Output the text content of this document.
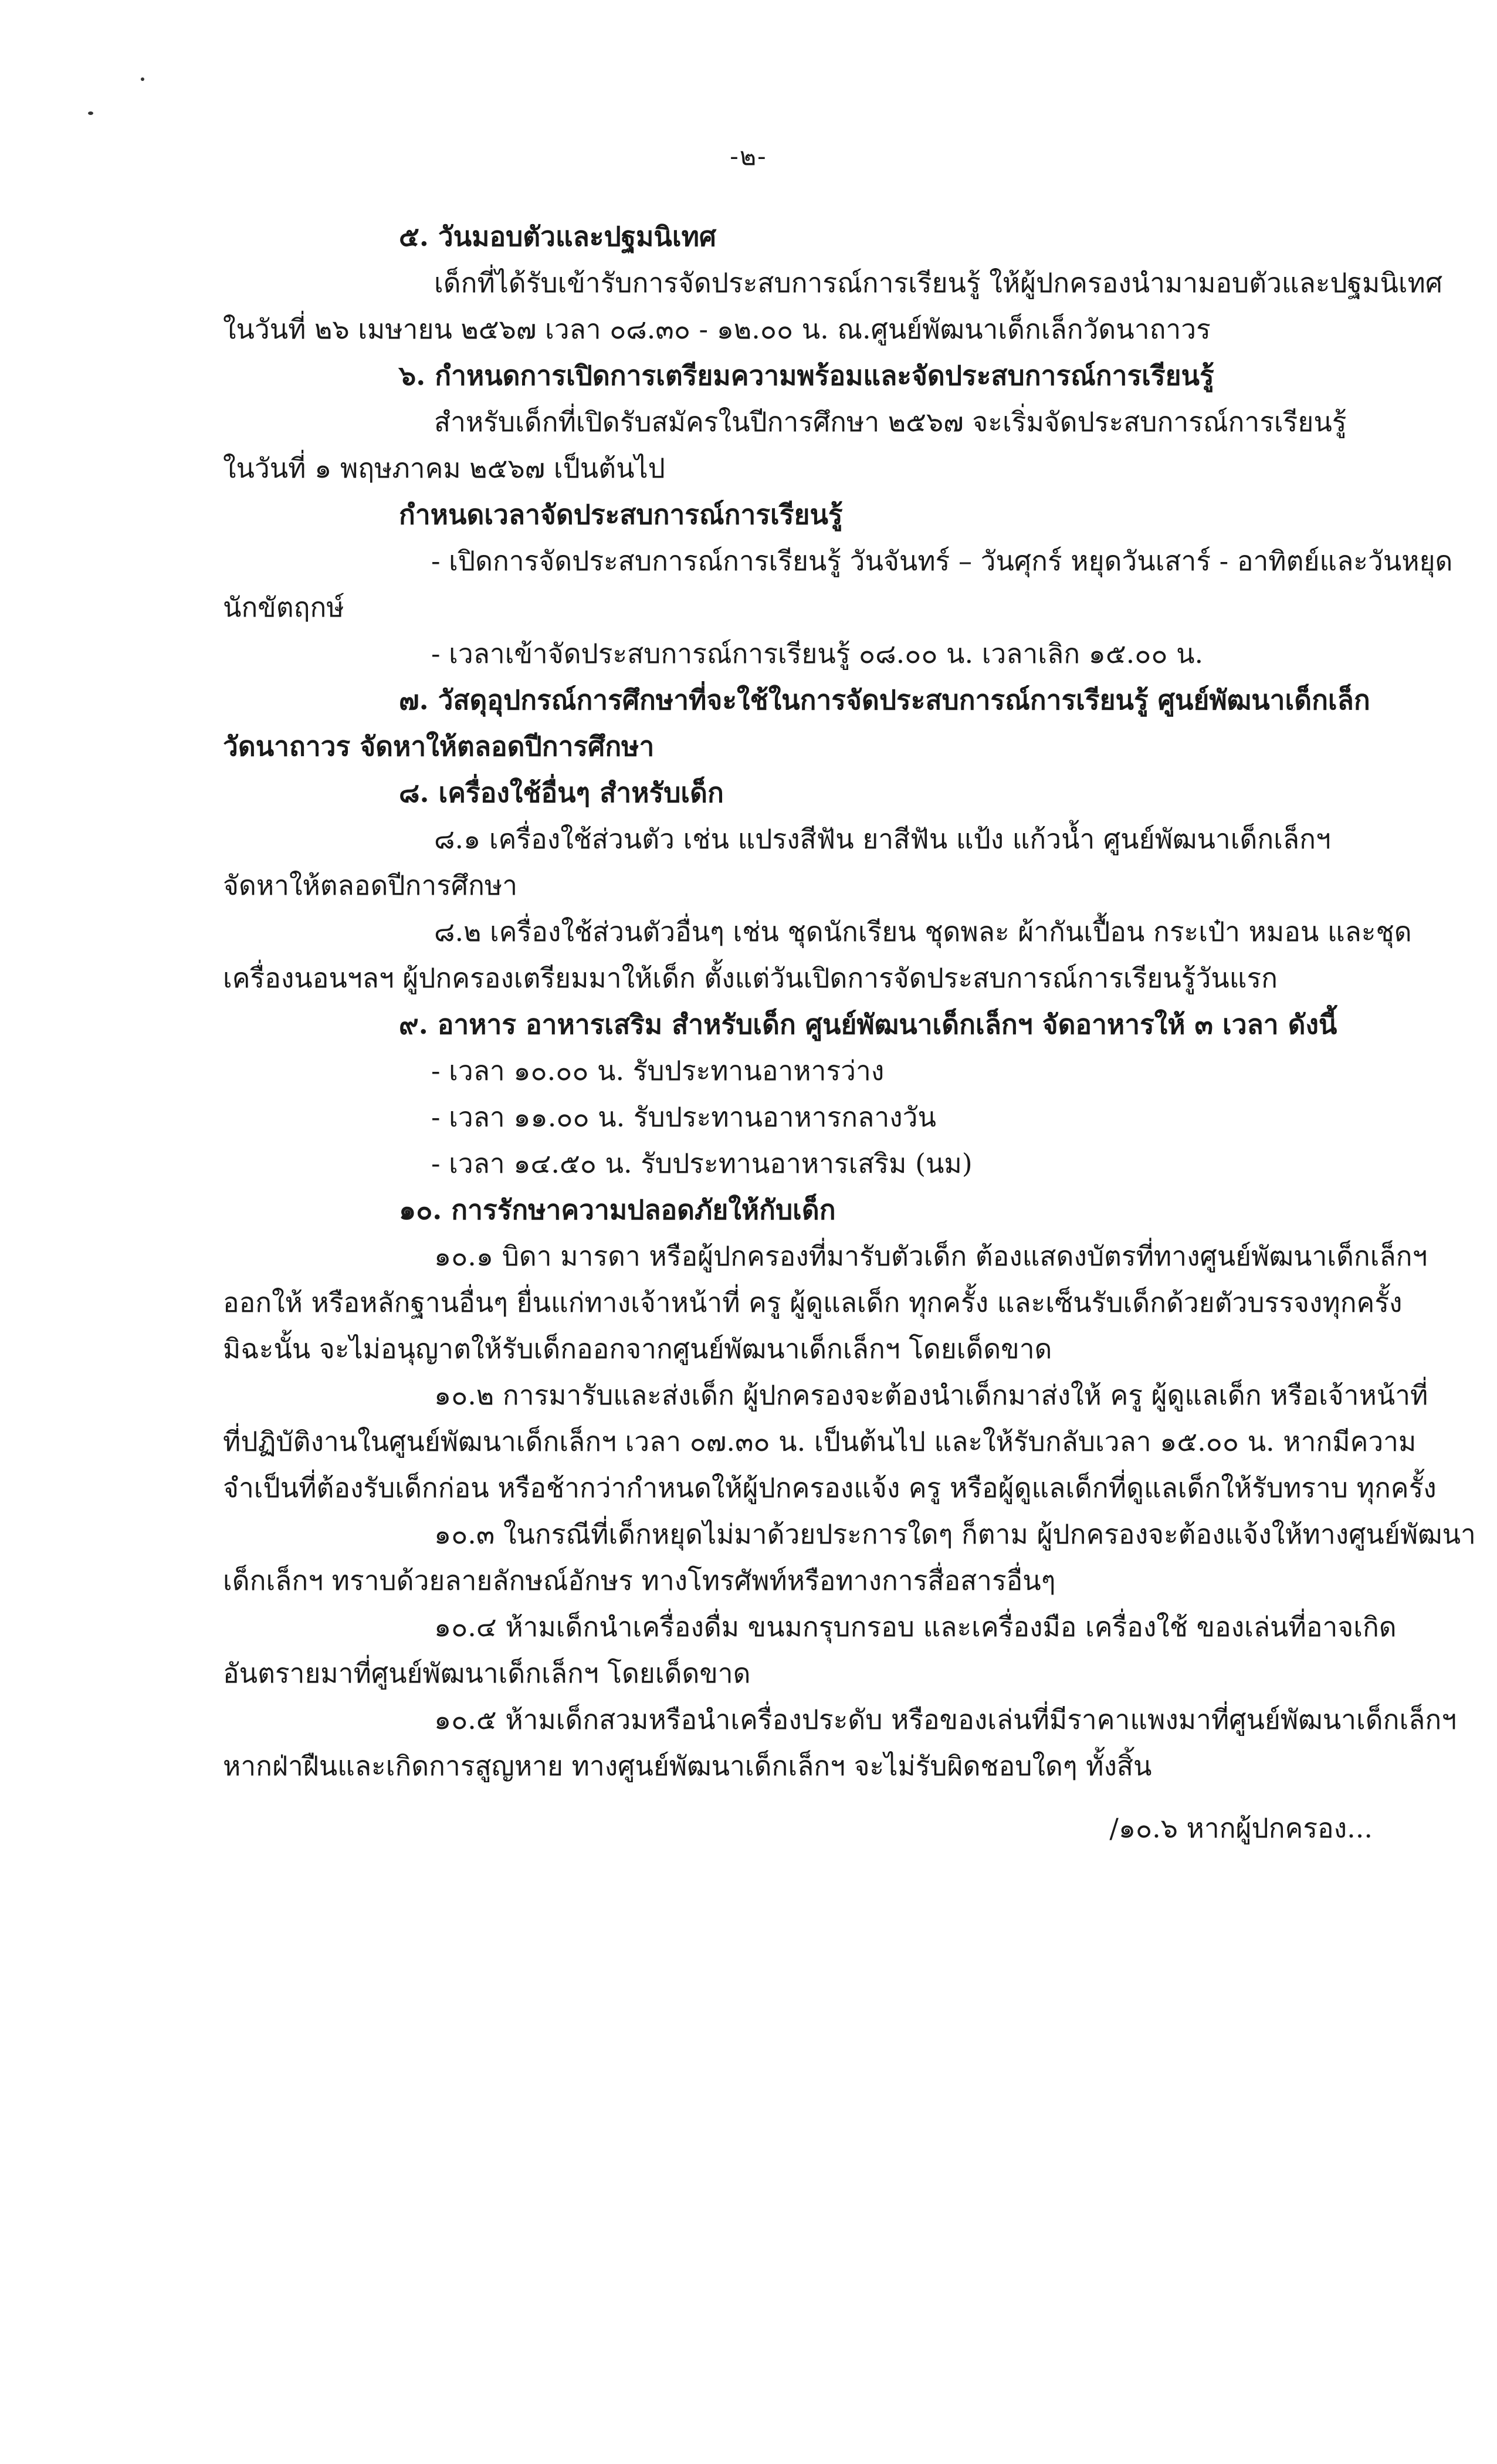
-๒-
๕. วันมอบตัวและปฐมนิเทศ
เด็กที่ได้รับเข้ารับการจัดประสบการณ์การเรียนรู้ ให้ผู้ปกครองนำมามอบตัวและปฐมนิเทศ
ในวันที่ ๒๖ เมษายน ๒๕๖๗ เวลา ๐๘.๓๐ - ๑๒.๐๐ น. ณ.ศูนย์พัฒนาเด็กเล็กวัดนาถาวร
๖. กำหนดการเปิดการเตรียมความพร้อมและจัดประสบการณ์การเรียนรู้
สำหรับเด็กที่เปิดรับสมัครในปีการศึกษา ๒๕๖๗ จะเริ่มจัดประสบการณ์การเรียนรู้
ในวันที่ ๑ พฤษภาคม ๒๕๖๗ เป็นต้นไป
กำหนดเวลาจัดประสบการณ์การเรียนรู้
- เปิดการจัดประสบการณ์การเรียนรู้ วันจันทร์ – วันศุกร์ หยุดวันเสาร์ - อาทิตย์และวันหยุด
นักขัตฤกษ์
- เวลาเข้าจัดประสบการณ์การเรียนรู้ ๐๘.๐๐ น. เวลาเลิก ๑๕.๐๐ น.
๗. วัสดุอุปกรณ์การศึกษาที่จะใช้ในการจัดประสบการณ์การเรียนรู้ ศูนย์พัฒนาเด็กเล็ก
วัดนาถาวร จัดหาให้ตลอดปีการศึกษา
๘. เครื่องใช้อื่นๆ สำหรับเด็ก
๘.๑ เครื่องใช้ส่วนตัว เช่น แปรงสีฟัน ยาสีฟัน แป้ง แก้วน้ำ ศูนย์พัฒนาเด็กเล็กฯ
จัดหาให้ตลอดปีการศึกษา
๘.๒ เครื่องใช้ส่วนตัวอื่นๆ เช่น ชุดนักเรียน ชุดพละ ผ้ากันเปื้อน กระเป๋า หมอน และชุด
เครื่องนอนฯลฯ ผู้ปกครองเตรียมมาให้เด็ก ตั้งแต่วันเปิดการจัดประสบการณ์การเรียนรู้วันแรก
๙. อาหาร อาหารเสริม สำหรับเด็ก ศูนย์พัฒนาเด็กเล็กฯ จัดอาหารให้ ๓ เวลา ดังนี้
- เวลา ๑๐.๐๐ น. รับประทานอาหารว่าง
- เวลา ๑๑.๐๐ น. รับประทานอาหารกลางวัน
- เวลา ๑๔.๕๐ น. รับประทานอาหารเสริม (นม)
๑๐. การรักษาความปลอดภัยให้กับเด็ก
๑๐.๑ บิดา มารดา หรือผู้ปกครองที่มารับตัวเด็ก ต้องแสดงบัตรที่ทางศูนย์พัฒนาเด็กเล็กฯ
ออกให้ หรือหลักฐานอื่นๆ ยื่นแก่ทางเจ้าหน้าที่ ครู ผู้ดูแลเด็ก ทุกครั้ง และเซ็นรับเด็กด้วยตัวบรรจงทุกครั้ง
มิฉะนั้น จะไม่อนุญาตให้รับเด็กออกจากศูนย์พัฒนาเด็กเล็กฯ โดยเด็ดขาด
๑๐.๒ การมารับและส่งเด็ก ผู้ปกครองจะต้องนำเด็กมาส่งให้ ครู ผู้ดูแลเด็ก หรือเจ้าหน้าที่
ที่ปฏิบัติงานในศูนย์พัฒนาเด็กเล็กฯ เวลา ๐๗.๓๐ น. เป็นต้นไป และให้รับกลับเวลา ๑๕.๐๐ น. หากมีความ
จำเป็นที่ต้องรับเด็กก่อน หรือช้ากว่ากำหนดให้ผู้ปกครองแจ้ง ครู หรือผู้ดูแลเด็กที่ดูแลเด็กให้รับทราบ ทุกครั้ง
๑๐.๓ ในกรณีที่เด็กหยุดไม่มาด้วยประการใดๆ ก็ตาม ผู้ปกครองจะต้องแจ้งให้ทางศูนย์พัฒนา
เด็กเล็กฯ ทราบด้วยลายลักษณ์อักษร ทางโทรศัพท์หรือทางการสื่อสารอื่นๆ
๑๐.๔ ห้ามเด็กนำเครื่องดื่ม ขนมกรุบกรอบ และเครื่องมือ เครื่องใช้ ของเล่นที่อาจเกิด
อันตรายมาที่ศูนย์พัฒนาเด็กเล็กฯ โดยเด็ดขาด
๑๐.๕ ห้ามเด็กสวมหรือนำเครื่องประดับ หรือของเล่นที่มีราคาแพงมาที่ศูนย์พัฒนาเด็กเล็กฯ
หากฝ่าฝืนและเกิดการสูญหาย ทางศูนย์พัฒนาเด็กเล็กฯ จะไม่รับผิดชอบใดๆ ทั้งสิ้น
/๑๐.๖ หากผู้ปกครอง...
